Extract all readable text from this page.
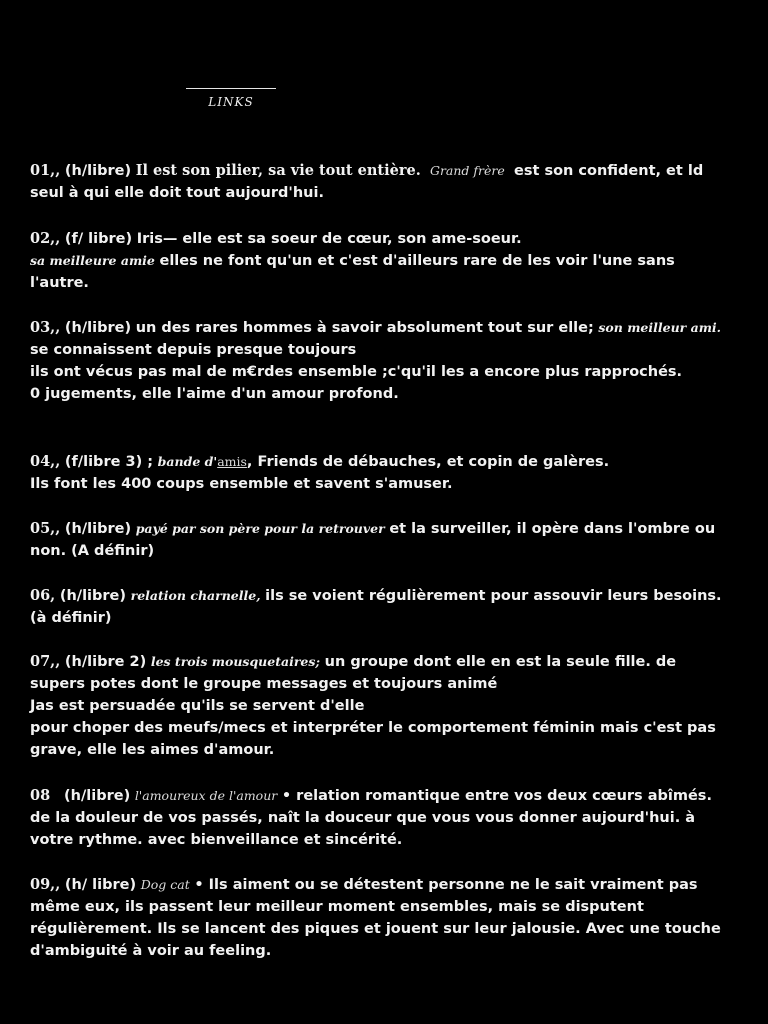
LINKS

01,, (h/libre) Il est son pilier, sa vie tout entière. Grand frère est son confident, et ld seul à qui elle doit tout aujourd'hui.

02,, (f/ libre) Iris— elle est sa soeur de cœur, son ame-soeur.
sa meilleure amie elles ne font qu'un et c'est d'ailleurs rare de les voir l'une sans l'autre.

03,, (h/libre) un des rares hommes à savoir absolument tout sur elle; son meilleur ami.
se connaissent depuis presque toujours
ils ont vécus pas mal de m€rdes ensemble ;c'qu'il les a encore plus rapprochés.
0 jugements, elle l'aime d'un amour profond.

04,, (f/libre 3) ; bande d'amis, Friends de débauches, et copin de galères.
Ils font les 400 coups ensemble et savent s'amuser.

05,, (h/libre) payé par son père pour la retrouver et la surveiller, il opère dans l'ombre ou non. (A définir)

06, (h/libre) relation charnelle, ils se voient régulièrement pour assouvir leurs besoins. (à définir)

07,, (h/libre 2) les trois mousquetaires; un groupe dont elle en est la seule fille. de supers potes dont le groupe messages et toujours animé
Jas est persuadée qu'ils se servent d'elle
pour choper des meufs/mecs et interpréter le comportement féminin mais c'est pas grave, elle les aimes d'amour.

08 (h/libre) l'amoureux de l'amour • relation romantique entre vos deux cœurs abîmés. de la douleur de vos passés, naît la douceur que vous vous donner aujourd'hui. à votre rythme. avec bienveillance et sincérité.

09,, (h/ libre) Dog cat • Ils aiment ou se détestent personne ne le sait vraiment pas même eux, ils passent leur meilleur moment ensembles, mais se disputent régulièrement. Ils se lancent des piques et jouent sur leur jalousie. Avec une touche d'ambiguité à voir au feeling.
